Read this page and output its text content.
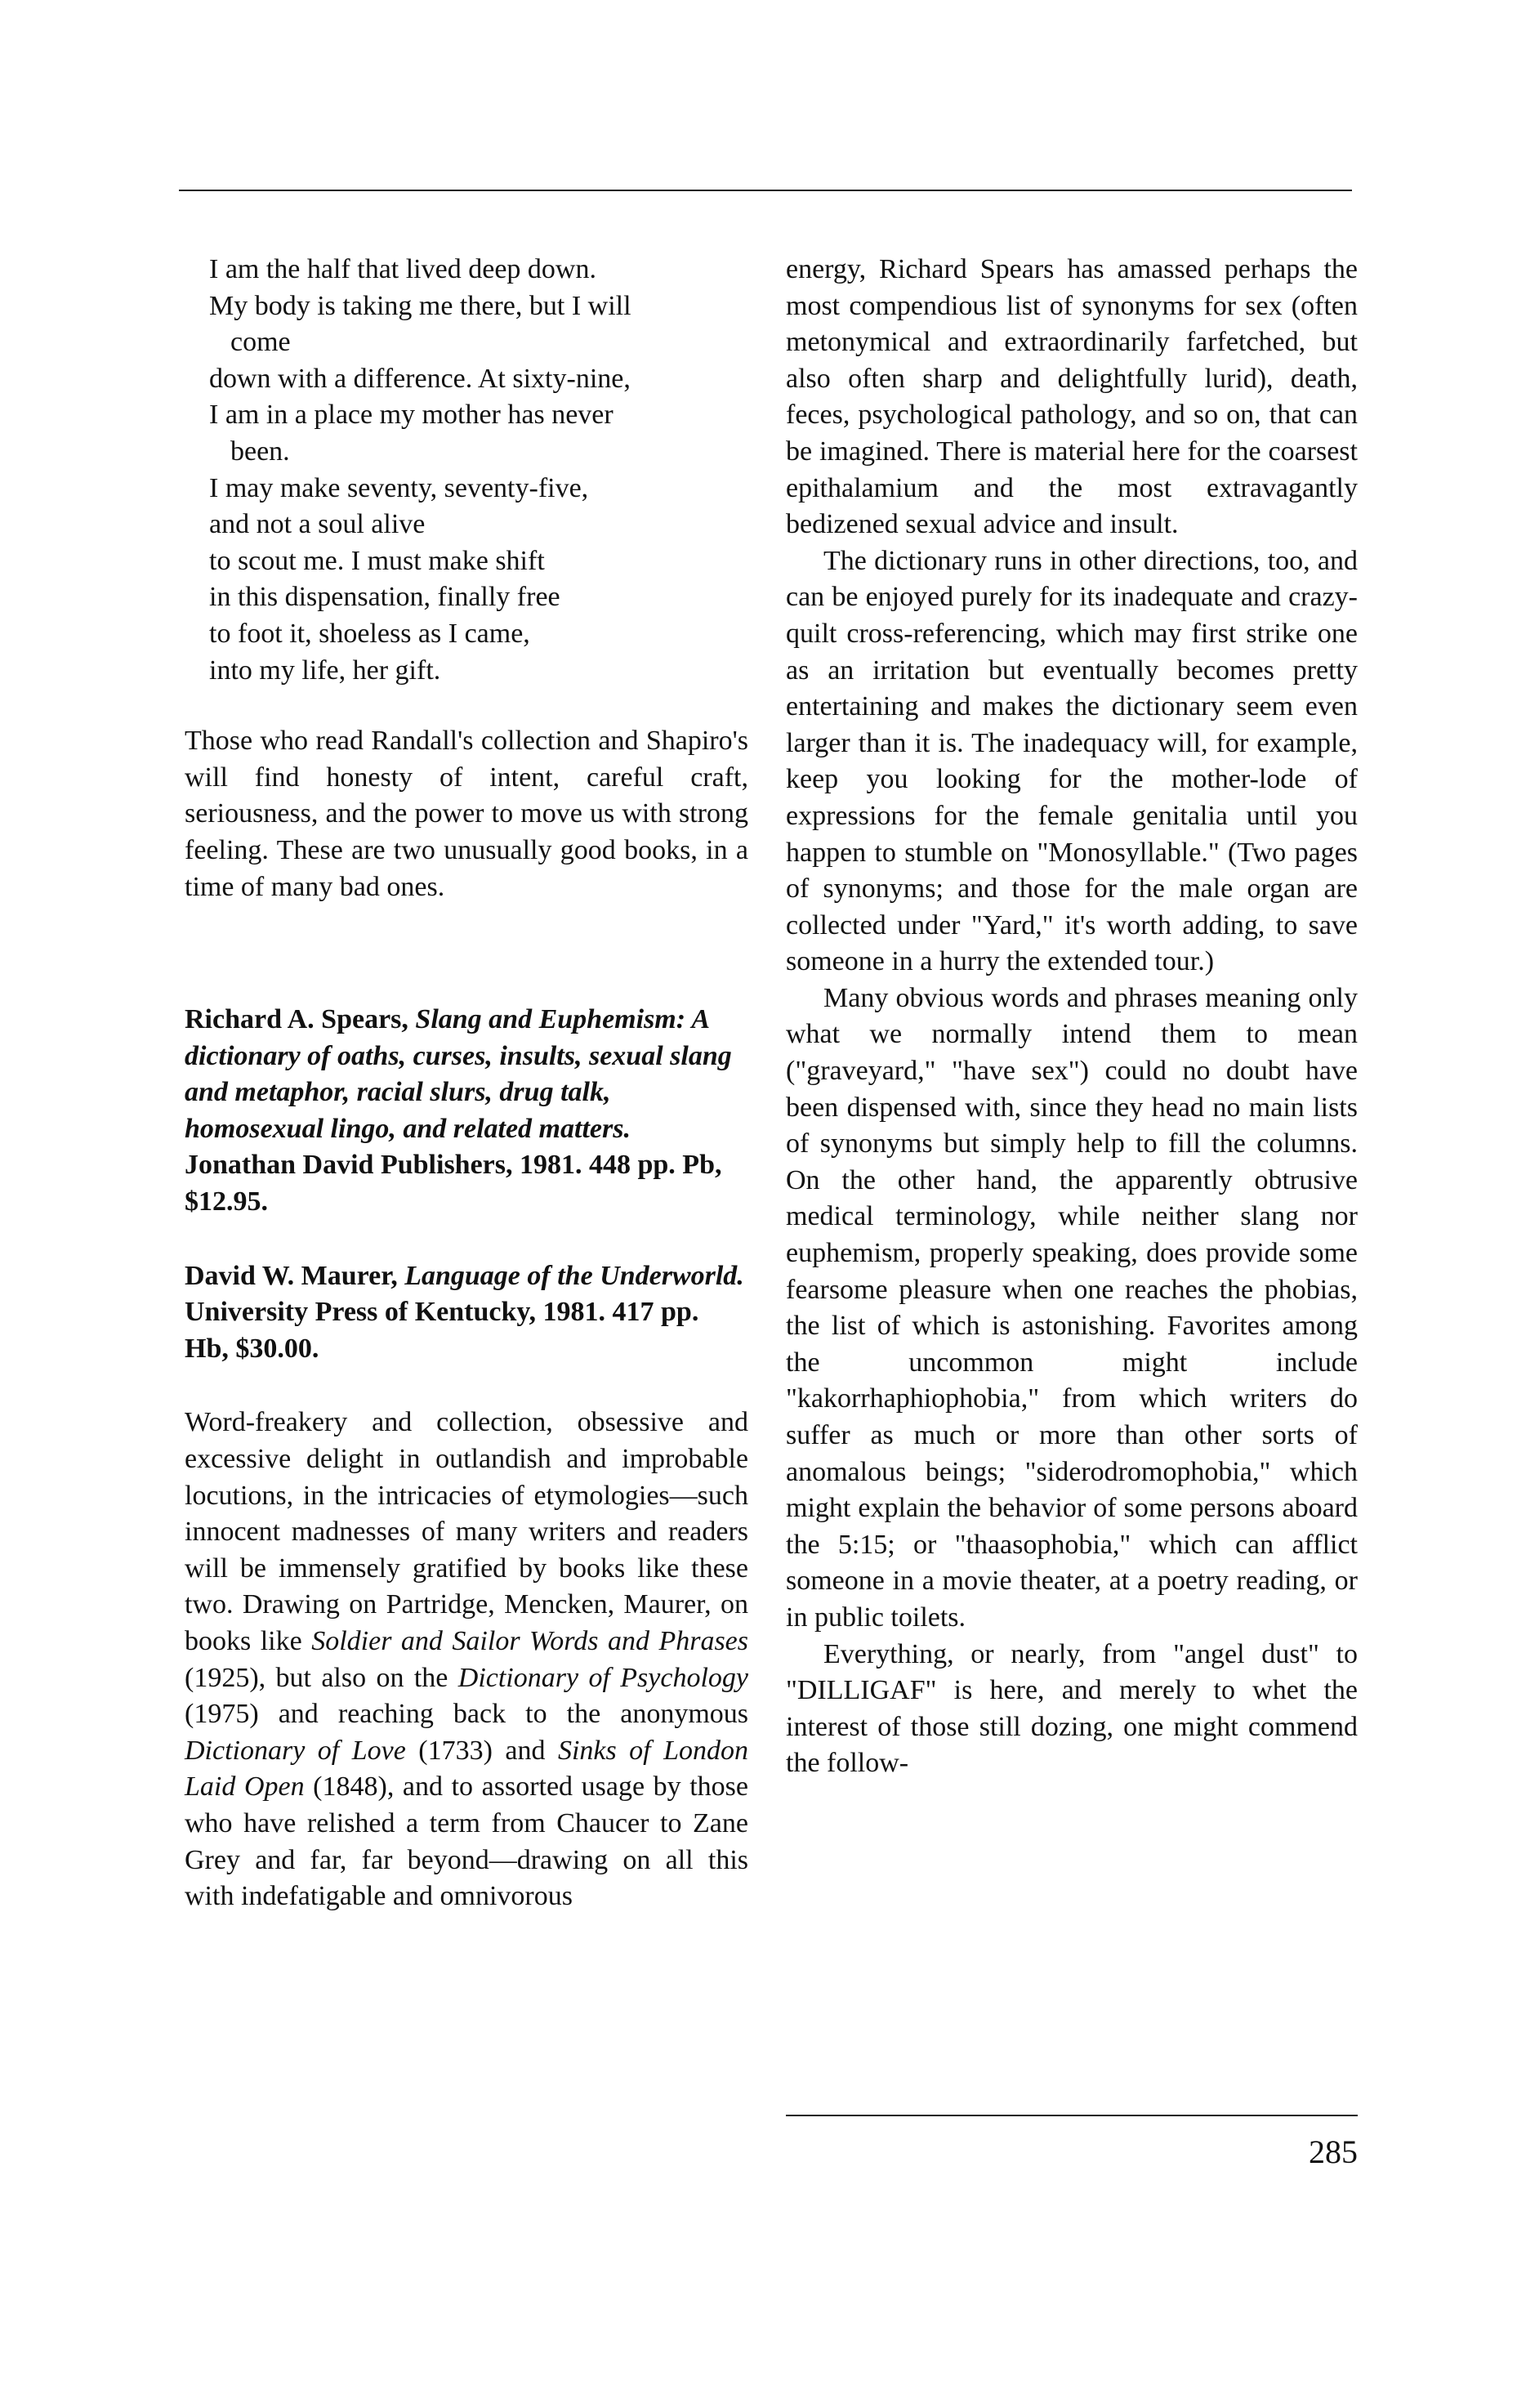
I am the half that lived deep down.
My body is taking me there, but I will
come
down with a difference. At sixty-nine,
I am in a place my mother has never
been.
I may make seventy, seventy-five,
and not a soul alive
to scout me. I must make shift
in this dispensation, finally free
to foot it, shoeless as I came,
into my life, her gift.

Those who read Randall's collection and Shapiro's will find honesty of intent, careful craft, seriousness, and the power to move us with strong feeling. These are two unusually good books, in a time of many bad ones.

Richard A. Spears, Slang and Euphemism: A dictionary of oaths, curses, insults, sexual slang and metaphor, racial slurs, drug talk, homosexual lingo, and related matters. Jonathan David Publishers, 1981. 448 pp. Pb, $12.95.

David W. Maurer, Language of the Underworld. University Press of Kentucky, 1981. 417 pp. Hb, $30.00.

Word-freakery and collection, obsessive and excessive delight in outlandish and improbable locutions, in the intricacies of etymologies—such innocent madnesses of many writers and readers will be immensely gratified by books like these two. Drawing on Partridge, Mencken, Maurer, on books like Soldier and Sailor Words and Phrases (1925), but also on the Dictionary of Psychology (1975) and reaching back to the anonymous Dictionary of Love (1733) and Sinks of London Laid Open (1848), and to assorted usage by those who have relished a term from Chaucer to Zane Grey and far, far beyond—drawing on all this with indefatigable and omnivorous

energy, Richard Spears has amassed perhaps the most compendious list of synonyms for sex (often metonymical and extraordinarily farfetched, but also often sharp and delightfully lurid), death, feces, psychological pathology, and so on, that can be imagined. There is material here for the coarsest epithalamium and the most extravagantly bedizened sexual advice and insult.

The dictionary runs in other directions, too, and can be enjoyed purely for its inadequate and crazy-quilt cross-referencing, which may first strike one as an irritation but eventually becomes pretty entertaining and makes the dictionary seem even larger than it is. The inadequacy will, for example, keep you looking for the mother-lode of expressions for the female genitalia until you happen to stumble on "Monosyllable." (Two pages of synonyms; and those for the male organ are collected under "Yard," it's worth adding, to save someone in a hurry the extended tour.)

Many obvious words and phrases meaning only what we normally intend them to mean ("graveyard," "have sex") could no doubt have been dispensed with, since they head no main lists of synonyms but simply help to fill the columns. On the other hand, the apparently obtrusive medical terminology, while neither slang nor euphemism, properly speaking, does provide some fearsome pleasure when one reaches the phobias, the list of which is astonishing. Favorites among the uncommon might include "kakorrhaphiophobia," from which writers do suffer as much or more than other sorts of anomalous beings; "siderodromophobia," which might explain the behavior of some persons aboard the 5:15; or "thaasophobia," which can afflict someone in a movie theater, at a poetry reading, or in public toilets.

Everything, or nearly, from "angel dust" to "DILLIGAF" is here, and merely to whet the interest of those still dozing, one might commend the follow-

285
